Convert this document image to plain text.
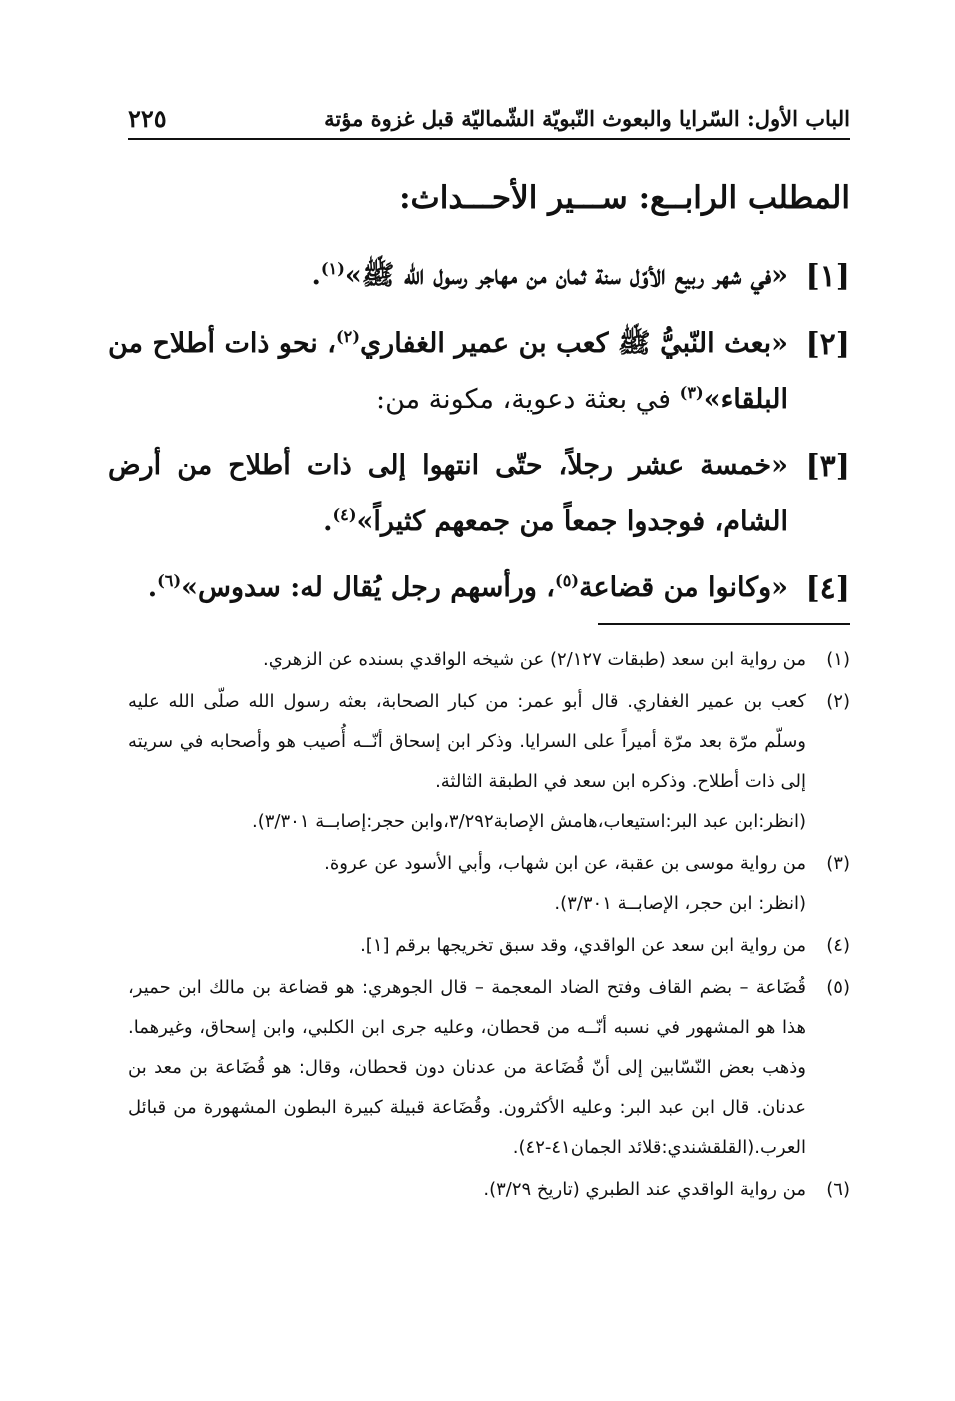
الباب الأول: السّرايا والبعوث النّبويّة الشّماليّة قبل غزوة مؤتة
٢٢٥
المطلب الرابــع: ســـير الأحـــداث:
[١]
«في شهر ربيع الأوّل سنة ثمان من مهاجر رسول الله ﷺ»$^{(١)}$.
[٢]
«بعث النّبيُّ ﷺ كعب بن عمير الغفاري$^{(٢)}$، نحو ذات أطلاح من البلقاء»$^{(٣)}$ في بعثة دعوية، مكونة من:
[٣]
«خمسة عشر رجلاً، حتّى انتهوا إلى ذات أطلاح من أرض الشام، فوجدوا جمعاً من جمعهم كثيراً»$^{(٤)}$.
[٤]
«وكانوا من قضاعة$^{(٥)}$، ورأسهم رجل يُقال له: سدوس»$^{(٦)}$.
(١)
من رواية ابن سعد (طبقات ٢/١٢٧) عن شيخه الواقدي بسنده عن الزهري.
(٢)
كعب بن عمير الغفاري. قال أبو عمر: من كبار الصحابة، بعثه رسول الله صلّى الله عليه وسلّم مرّة بعد مرّة أميراً على السرايا. وذكر ابن إسحاق أنّــه أُصيب هو وأصحابه في سريته إلى ذات أطلاح. وذكره ابن سعد في الطبقة الثالثة.
(انظر:ابن عبد البر:استيعاب،هامش الإصابة٣/٢٩٢،وابن حجر:إصابــة ٣/٣٠١).
(٣)
من رواية موسى بن عقبة، عن ابن شهاب، وأبي الأسود عن عروة.
(انظر: ابن حجر، الإصابــة ٣/٣٠١).
(٤)
من رواية ابن سعد عن الواقدي، وقد سبق تخريجها برقم [١].
(٥)
قُضَاعة – بضم القاف وفتح الضاد المعجمة – قال الجوهري: هو قضاعة بن مالك ابن حمير، هذا هو المشهور في نسبه أنّــه من قحطان، وعليه جرى ابن الكلبي، وابن إسحاق، وغيرهما. وذهب بعض النّسّابين إلى أنّ قُضَاعة من عدنان دون قحطان، وقال: هو قُضَاعة بن معد بن عدنان. قال ابن عبد البر: وعليه الأكثرون. وقُضَاعة قبيلة كبيرة البطون المشهورة من قبائل العرب.(القلقشندي:قلائد الجمان٤١-٤٢).
(٦)
من رواية الواقدي عند الطبري (تاريخ ٣/٢٩).
